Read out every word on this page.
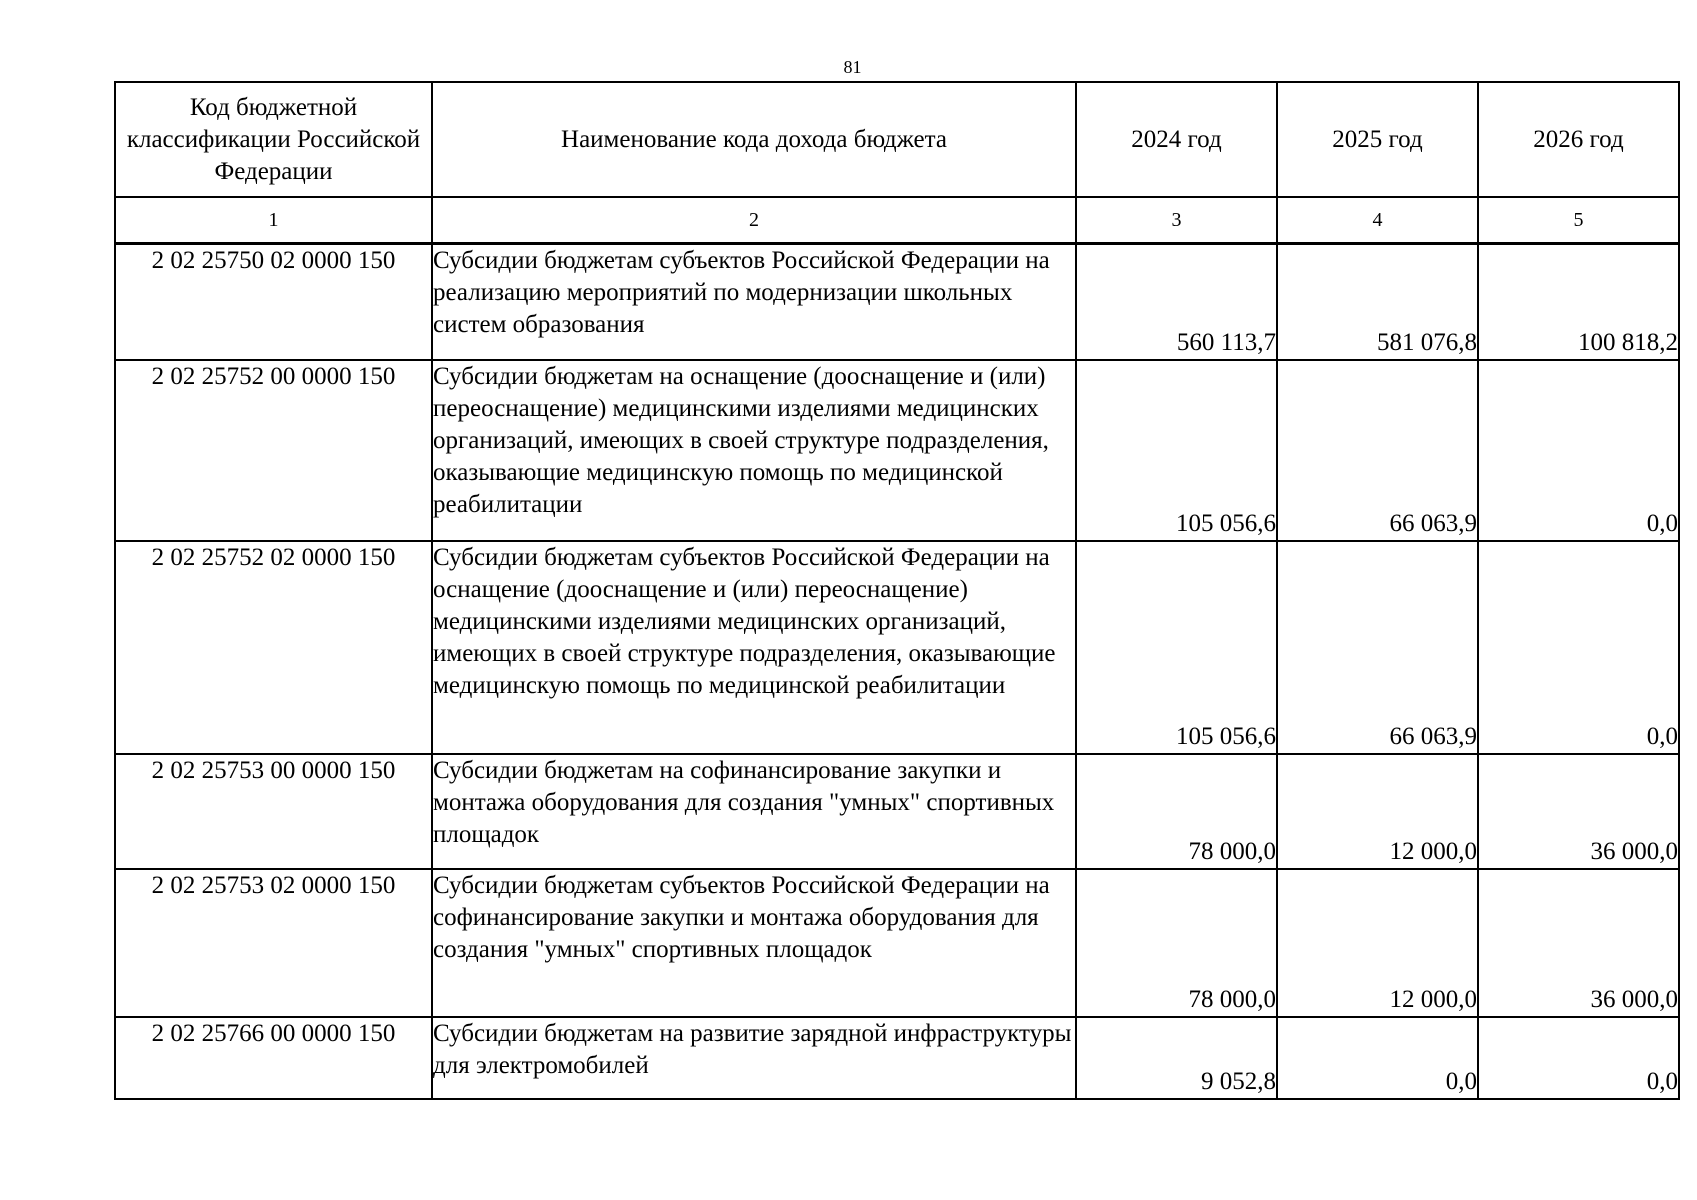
81
Код бюджетной классификации Российской Федерации	Наименование кода дохода бюджета	2024 год	2025 год	2026 год
1	2	3	4	5
2 02 25750 02 0000 150	Субсидии бюджетам субъектов Российской Федерации на реализацию мероприятий по модернизации школьных систем образования	560 113,7	581 076,8	100 818,2
2 02 25752 00 0000 150	Субсидии бюджетам на оснащение (дооснащение и (или) переоснащение) медицинскими изделиями медицинских организаций, имеющих в своей структуре подразделения, оказывающие медицинскую помощь по медицинской реабилитации	105 056,6	66 063,9	0,0
2 02 25752 02 0000 150	Субсидии бюджетам субъектов Российской Федерации на оснащение (дооснащение и (или) переоснащение) медицинскими изделиями медицинских организаций, имеющих в своей структуре подразделения, оказывающие медицинскую помощь по медицинской реабилитации	105 056,6	66 063,9	0,0
2 02 25753 00 0000 150	Субсидии бюджетам на софинансирование закупки и монтажа оборудования для создания "умных" спортивных площадок	78 000,0	12 000,0	36 000,0
2 02 25753 02 0000 150	Субсидии бюджетам субъектов Российской Федерации на софинансирование закупки и монтажа оборудования для создания "умных" спортивных площадок	78 000,0	12 000,0	36 000,0
2 02 25766 00 0000 150	Субсидии бюджетам на развитие зарядной инфраструктуры для электромобилей	9 052,8	0,0	0,0
